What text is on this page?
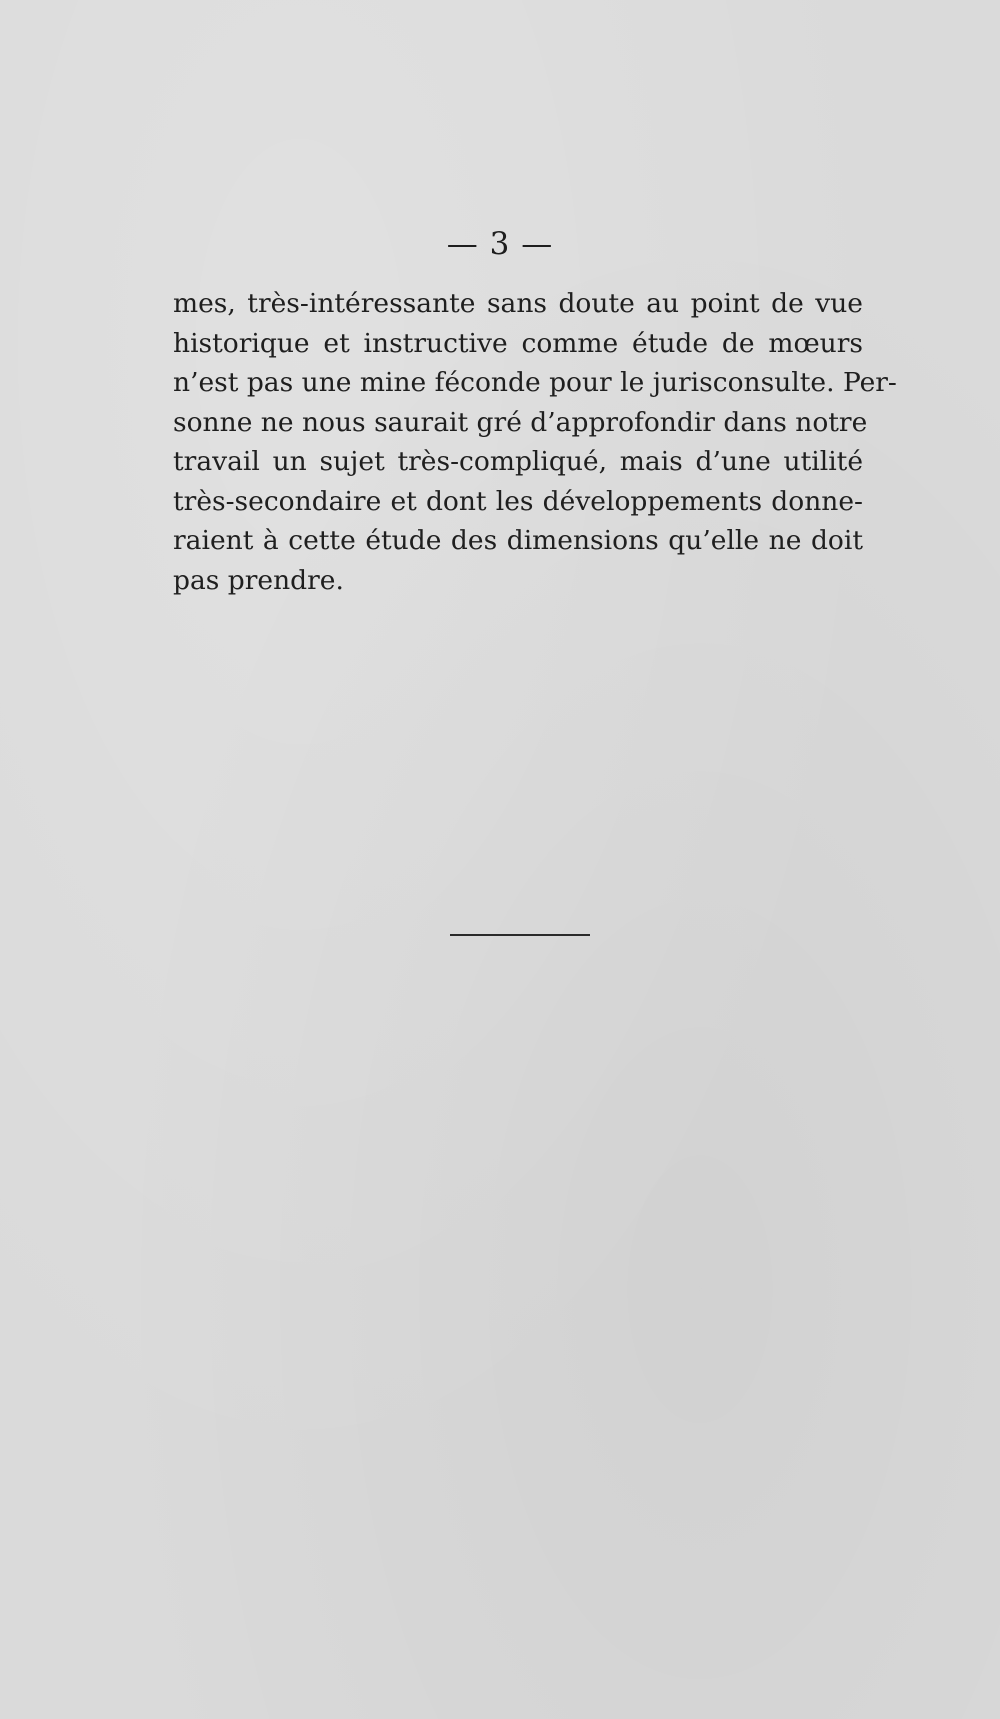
— 3 —
mes, très-intéressante sans doute au point de vue
historique et instructive comme étude de mœurs
n’est pas une mine féconde pour le jurisconsulte. Per-
sonne ne nous saurait gré d’approfondir dans notre
travail un sujet très-compliqué, mais d’une utilité
très-secondaire et dont les développements donne-
raient à cette étude des dimensions qu’elle ne doit
pas prendre.
